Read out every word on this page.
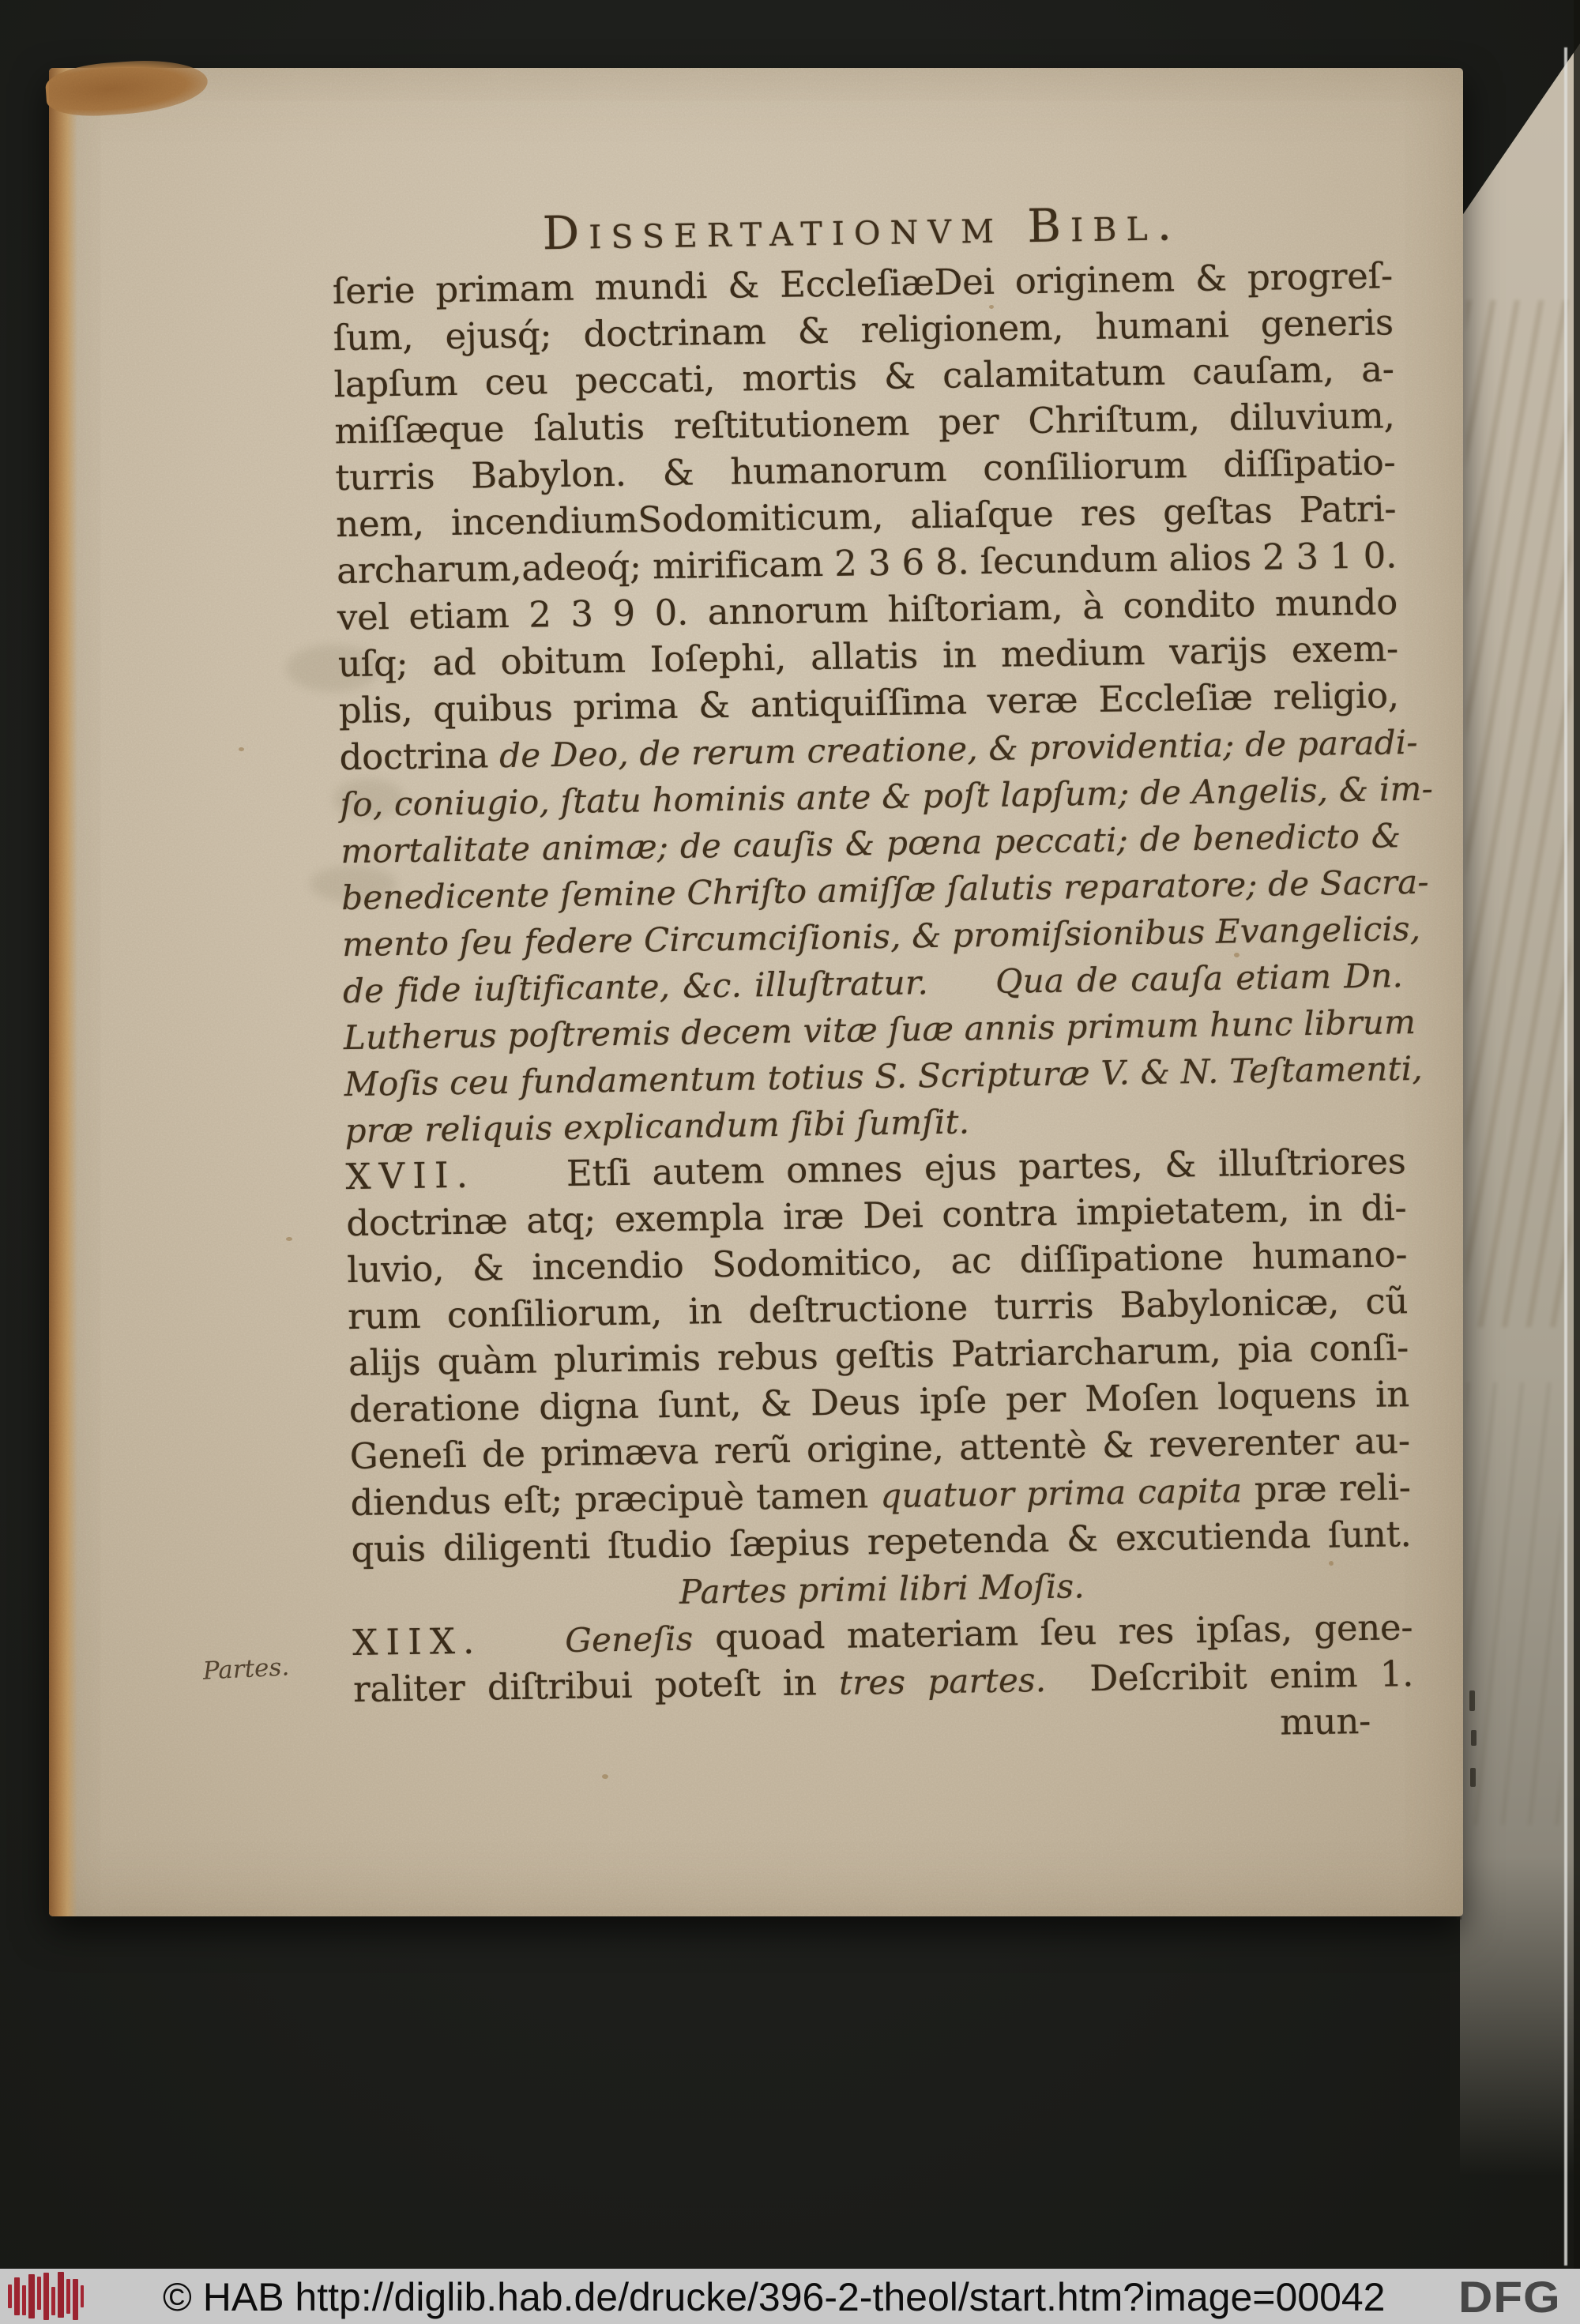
Dissertationvm Bibl.
ſerie primam mundi & EccleſiæDei originem & progreſ-
ſum, ejusq́; doctrinam & religionem, humani generis
lapſum ceu peccati, mortis & calamitatum cauſam, a-
miſſæque ſalutis reſtitutionem per Chriſtum, diluvium,
turris Babylon. & humanorum conſiliorum diſſipatio-
nem, incendiumSodomiticum, aliaſque res geſtas Patri-
archarum,adeoq́; mirificam 2 3 6 8. ſecundum alios 2 3 1 0.
vel etiam 2 3 9 0. annorum hiſtoriam, à condito mundo
uſq; ad obitum Ioſephi, allatis in medium varijs exem-
plis, quibus prima & antiquiſſima veræ Eccleſiæ religio,
doctrina de Deo, de rerum creatione, & providentia; de paradi-
ſo, coniugio, ſtatu hominis ante & poſt lapſum; de Angelis, & im-
mortalitate animæ; de cauſis & pœna peccati; de benedicto &
benedicente ſemine Chriſto amiſſæ ſalutis reparatore; de Sacra-
mento ſeu federe Circumciſionis, & promiſsionibus Evangelicis,
de fide iuſtificante, &c. illuſtratur. Qua de cauſa etiam Dn.
Lutherus poſtremis decem vitæ ſuæ annis primum hunc librum
Moſis ceu fundamentum totius S. Scripturæ V. & N. Teſtamenti,
præ reliquis explicandum ſibi ſumſit.
XVII.	Etſi autem omnes ejus partes, & illuſtriores
doctrinæ atq; exempla iræ Dei contra impietatem, in di-
luvio, & incendio Sodomitico, ac diſſipatione humano-
rum conſiliorum, in deſtructione turris Babylonicæ, cũ
alijs quàm plurimis rebus geſtis Patriarcharum, pia conſi-
deratione digna ſunt, & Deus ipſe per Moſen loquens in
Geneſi de primæva rerũ origine, attentè & reverenter au-
diendus eſt; præcipuè tamen quatuor prima capita præ reli-
quis diligenti ſtudio ſæpius repetenda & excutienda ſunt.
Partes primi libri Moſis.
XIIX. Geneſis quoad materiam ſeu res ipſas, gene-
raliter diſtribui poteſt in tres partes. Deſcribit enim 1.
mun-
Partes.
© HAB http://diglib.hab.de/drucke/396-2-theol/start.htm?image=00042 DFG
